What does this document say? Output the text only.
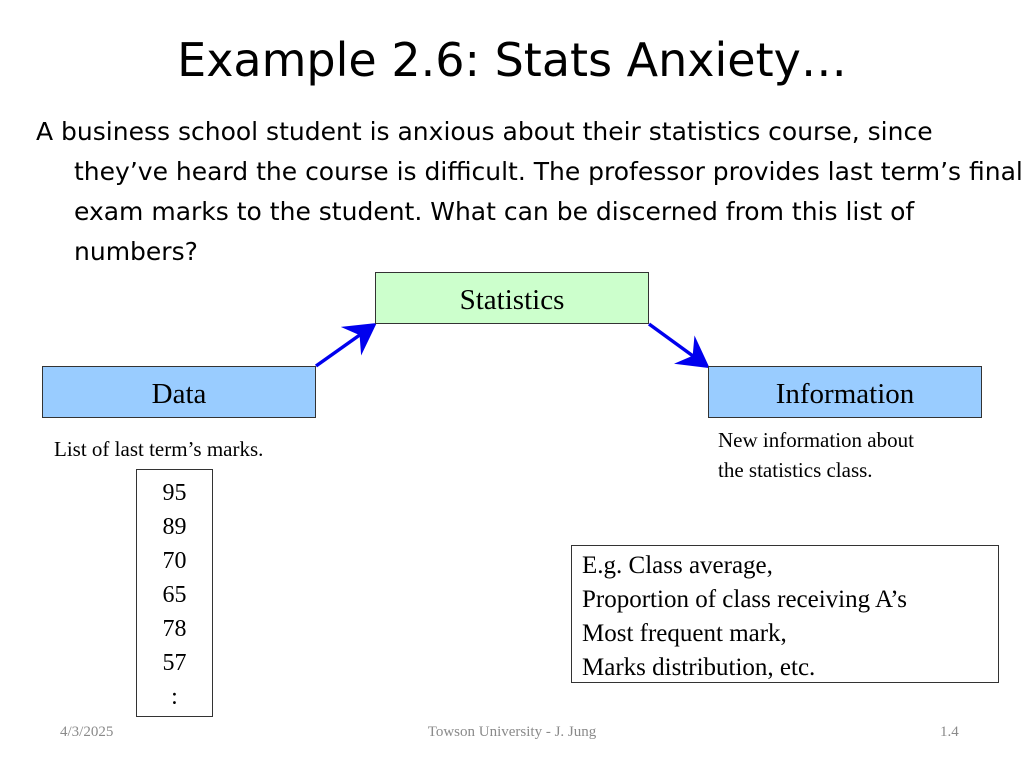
Example 2.6: Stats Anxiety…
A business school student is anxious about their statistics course, since they’ve heard the course is difficult. The professor provides last term’s final exam marks to the student. What can be discerned from this list of numbers?
Statistics
Data	Information
List of last term’s marks.	New information about
the statistics class.
95
89
70
65
78
57
:
E.g. Class average,
Proportion of class receiving A’s
Most frequent mark,
Marks distribution, etc.
4/3/2025	Towson University - J. Jung	1.4
